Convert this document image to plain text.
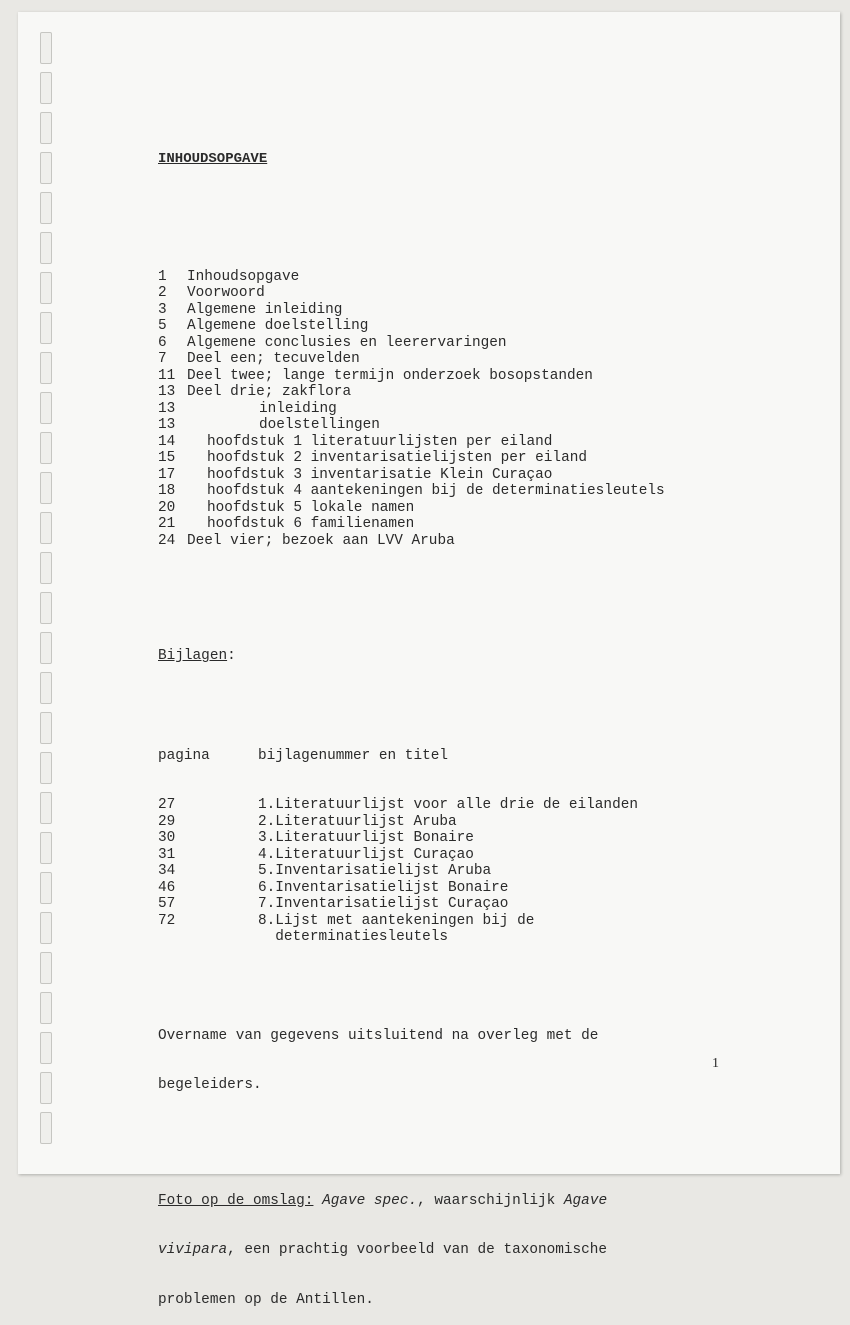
INHOUDSOPGAVE

1 Inhoudsopgave
2 Voorwoord
3 Algemene inleiding
5 Algemene doelstelling
6 Algemene conclusies en leerervaringen
7 Deel een; tecuvelden
11 Deel twee; lange termijn onderzoek bosopstanden
13 Deel drie; zakflora
13	inleiding
13	doelstellingen
14 hoofdstuk 1 literatuurlijsten per eiland
15 hoofdstuk 2 inventarisatielijsten per eiland
17 hoofdstuk 3 inventarisatie Klein Curaçao
18 hoofdstuk 4 aantekeningen bij de determinatiesleutels
20 hoofdstuk 5 lokale namen
21 hoofdstuk 6 familienamen
24 Deel vier; bezoek aan LVV Aruba

Bijlagen:

pagina	bijlagenummer en titel

27	1.Literatuurlijst voor alle drie de eilanden
29	2.Literatuurlijst Aruba
30	3.Literatuurlijst Bonaire
31	4.Literatuurlijst Curaçao
34	5.Inventarisatielijst Aruba
46	6.Inventarisatielijst Bonaire
57	7.Inventarisatielijst Curaçao
72	8.Lijst met aantekeningen bij de
determinatiesleutels

Overname van gegevens uitsluitend na overleg met de

begeleiders.

Foto op de omslag: Agave spec., waarschijnlijk Agave

vivipara, een prachtig voorbeeld van de taxonomische

problemen op de Antillen.

1
